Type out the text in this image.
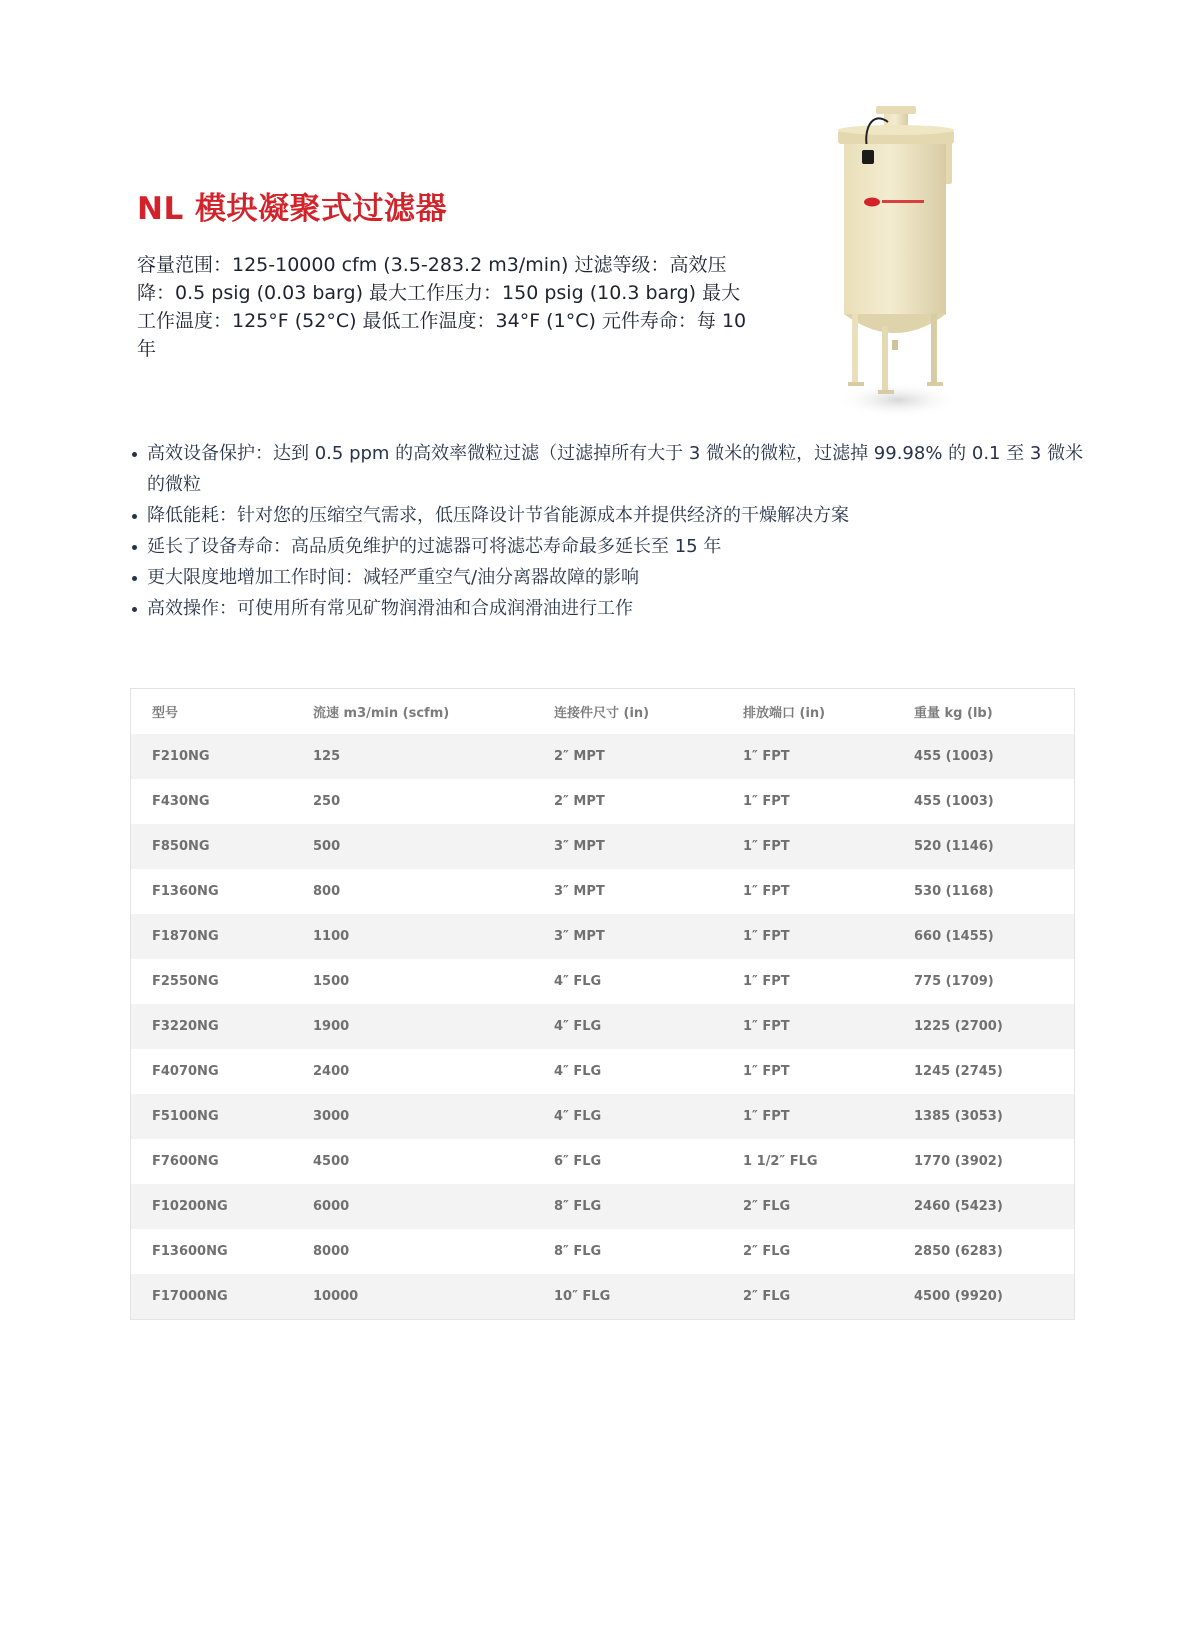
NL 模块凝聚式过滤器

容量范围：125-10000 cfm (3.5-283.2 m3/min) 过滤等级：高效压降：0.5 psig (0.03 barg) 最大工作压力：150 psig (10.3 barg) 最大工作温度：125°F (52°C) 最低工作温度：34°F (1°C) 元件寿命：每 10 年

高效设备保护：达到 0.5 ppm 的高效率微粒过滤（过滤掉所有大于 3 微米的微粒，过滤掉 99.98% 的 0.1 至 3 微米的微粒
降低能耗：针对您的压缩空气需求，低压降设计节省能源成本并提供经济的干燥解决方案
延长了设备寿命：高品质免维护的过滤器可将滤芯寿命最多延长至 15 年
更大限度地增加工作时间：减轻严重空气/油分离器故障的影响
高效操作：可使用所有常见矿物润滑油和合成润滑油进行工作
型号	流速 m3/min (scfm)	连接件尺寸 (in)	排放端口 (in)	重量 kg (lb)
F210NG	125	2″ MPT	1″ FPT	455 (1003)
F430NG	250	2″ MPT	1″ FPT	455 (1003)
F850NG	500	3″ MPT	1″ FPT	520 (1146)
F1360NG	800	3″ MPT	1″ FPT	530 (1168)
F1870NG	1100	3″ MPT	1″ FPT	660 (1455)
F2550NG	1500	4″ FLG	1″ FPT	775 (1709)
F3220NG	1900	4″ FLG	1″ FPT	1225 (2700)
F4070NG	2400	4″ FLG	1″ FPT	1245 (2745)
F5100NG	3000	4″ FLG	1″ FPT	1385 (3053)
F7600NG	4500	6″ FLG	1 1/2″ FLG	1770 (3902)
F10200NG	6000	8″ FLG	2″ FLG	2460 (5423)
F13600NG	8000	8″ FLG	2″ FLG	2850 (6283)
F17000NG	10000	10″ FLG	2″ FLG	4500 (9920)
